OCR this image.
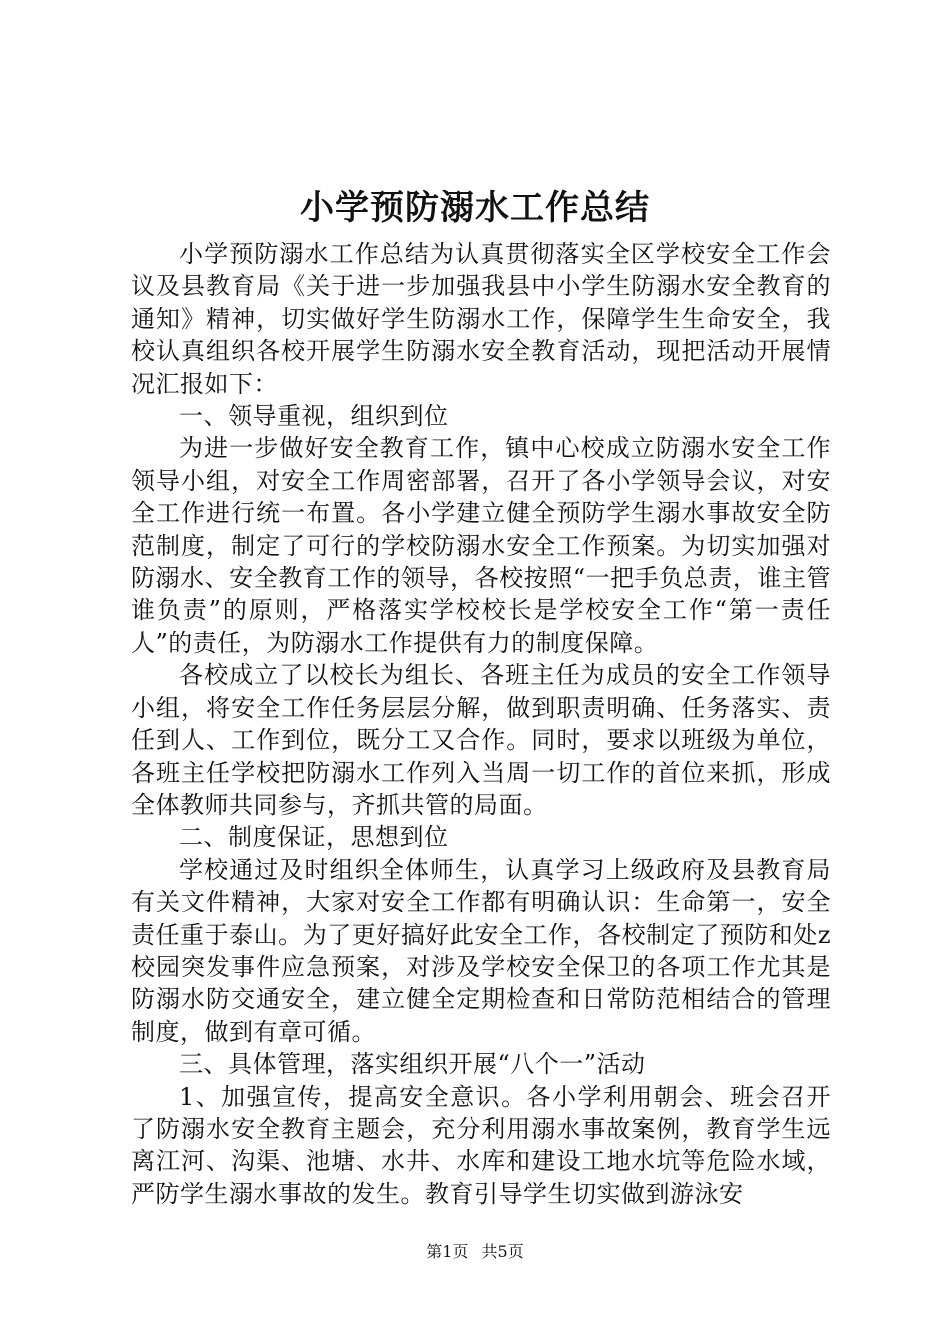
小学预防溺水工作总结

小学预防溺水工作总结为认真贯彻落实全区学校安全工作会议及县教育局《关于进一步加强我县中小学生防溺水安全教育的通知》精神，切实做好学生防溺水工作，保障学生生命安全，我校认真组织各校开展学生防溺水安全教育活动，现把活动开展情况汇报如下：

一、领导重视，组织到位

为进一步做好安全教育工作，镇中心校成立防溺水安全工作领导小组，对安全工作周密部署，召开了各小学领导会议，对安全工作进行统一布置。各小学建立健全预防学生溺水事故安全防范制度，制定了可行的学校防溺水安全工作预案。为切实加强对防溺水、安全教育工作的领导，各校按照“一把手负总责，谁主管谁负责”的原则，严格落实学校校长是学校安全工作“第一责任人”的责任，为防溺水工作提供有力的制度保障。

各校成立了以校长为组长、各班主任为成员的安全工作领导小组，将安全工作任务层层分解，做到职责明确、任务落实、责任到人、工作到位，既分工又合作。同时，要求以班级为单位，各班主任学校把防溺水工作列入当周一切工作的首位来抓，形成全体教师共同参与，齐抓共管的局面。

二、制度保证，思想到位

学校通过及时组织全体师生，认真学习上级政府及县教育局有关文件精神，大家对安全工作都有明确认识：生命第一，安全责任重于泰山。为了更好搞好此安全工作，各校制定了预防和处z校园突发事件应急预案，对涉及学校安全保卫的各项工作尤其是防溺水防交通安全，建立健全定期检查和日常防范相结合的管理制度，做到有章可循。

三、具体管理，落实组织开展“八个一”活动

1、加强宣传，提高安全意识。各小学利用朝会、班会召开了防溺水安全教育主题会，充分利用溺水事故案例，教育学生远离江河、沟渠、池塘、水井、水库和建设工地水坑等危险水域，严防学生溺水事故的发生。教育引导学生切实做到游泳安

第1页 共5页
